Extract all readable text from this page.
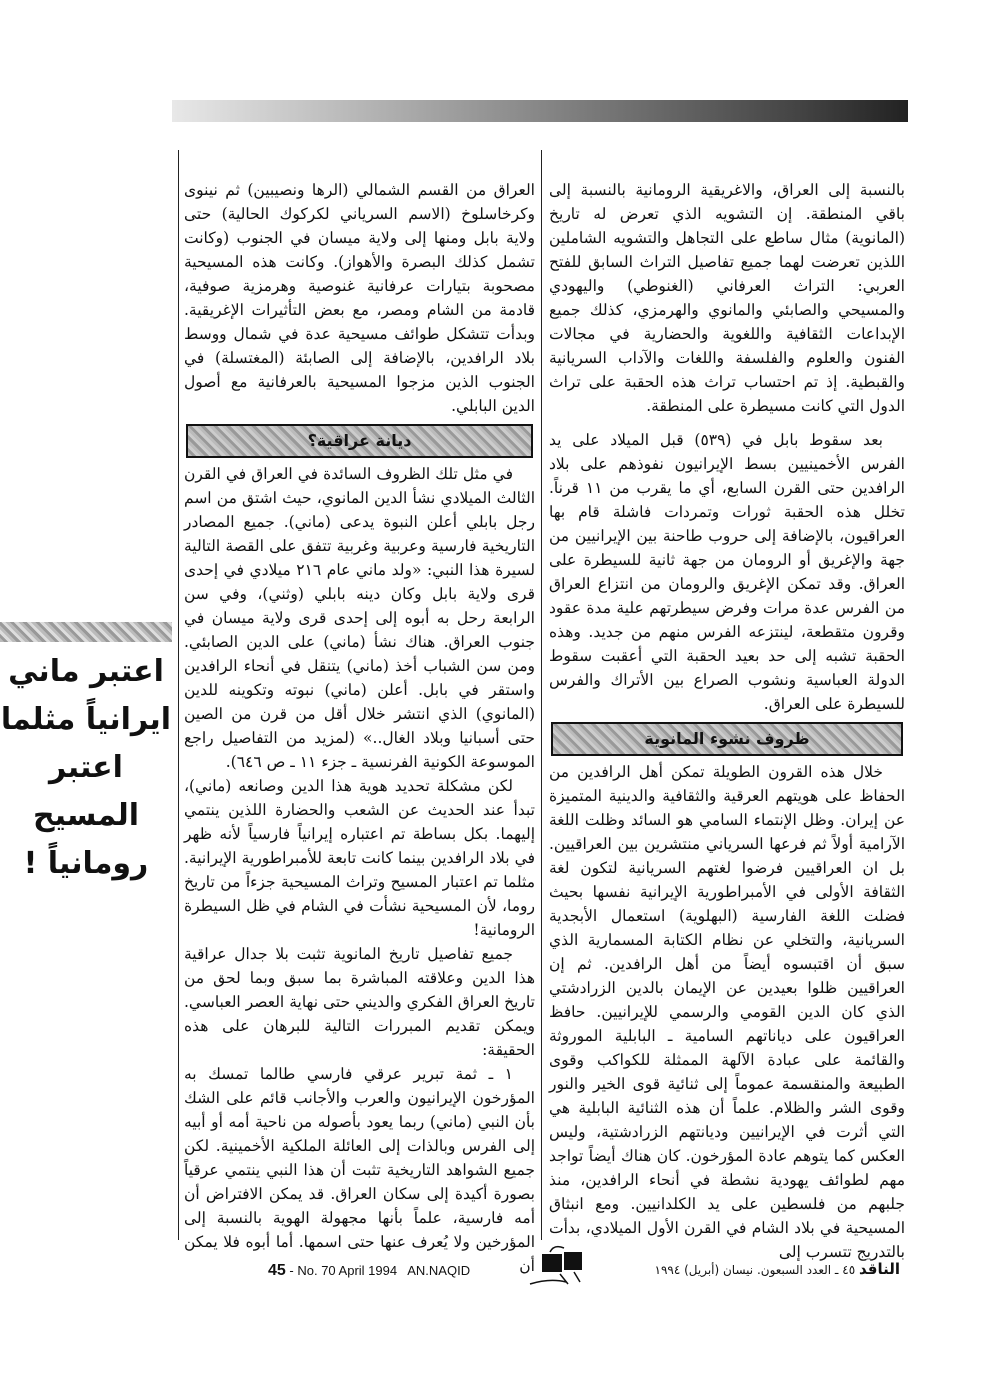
بالنسبة إلى العراق، والاغريقية الرومانية بالنسبة إلى باقي المنطقة. إن التشويه الذي تعرض له تاريخ (المانوية) مثال ساطع على التجاهل والتشويه الشاملين اللذين تعرضت لهما جميع تفاصيل التراث السابق للفتح العربي: التراث العرفاني (الغنوطي) واليهودي والمسيحي والصابئي والمانوي والهرمزي، كذلك جميع الإبداعات الثقافية واللغوية والحضارية في مجالات الفنون والعلوم والفلسفة واللغات والآداب السريانية والقبطية. إذ تم احتساب تراث هذه الحقبة على تراث الدول التي كانت مسيطرة على المنطقة.

بعد سقوط بابل في (٥٣٩) قبل الميلاد على يد الفرس الأخمينيين بسط الإيرانيون نفوذهم على بلاد الرافدين حتى القرن السابع، أي ما يقرب من ١١ قرناً. تخلل هذه الحقبة ثورات وتمردات فاشلة قام بها العراقيون، بالإضافة إلى حروب طاحنة بين الإيرانيين من جهة والإغريق أو الرومان من جهة ثانية للسيطرة على العراق. وقد تمكن الإغريق والرومان من انتزاع العراق من الفرس عدة مرات وفرض سيطرتهم علية مدة عقود وقرون متقطعة، لينتزعه الفرس منهم من جديد. وهذه الحقبة تشبه إلى حد بعيد الحقبة التي أعقبت سقوط الدولة العباسية ونشوب الصراع بين الأتراك والفرس للسيطرة على العراق.

ظروف نشوء المانوية

خلال هذه القرون الطويلة تمكن أهل الرافدين من الحفاظ على هويتهم العرقية والثقافية والدينية المتميزة عن إيران. وظل الإنتماء السامي هو السائد وظلت اللغة الآرامية أولاً ثم فرعها السرياني منتشرين بين العراقيين. بل ان العراقيين فرضوا لغتهم السريانية لتكون لغة الثقافة الأولى في الأمبراطورية الإيرانية نفسها بحيث فضلت اللغة الفارسية (البهلوية) استعمال الأبجدية السريانية، والتخلي عن نظام الكتابة المسمارية الذي سبق أن اقتبسوه أيضاً من أهل الرافدين. ثم إن العراقيين ظلوا بعيدين عن الإيمان بالدين الزرادشتي الذي كان الدين القومي والرسمي للإيرانيين. حافظ العراقيون على دياناتهم السامية ـ البابلية الموروثة والقائمة على عبادة الآلهة الممثلة للكواكب وقوى الطبيعة والمنقسمة عموماً إلى ثنائية قوى الخير والنور وقوى الشر والظلام. علماً أن هذه الثنائية البابلية هي التي أثرت في الإيرانيين وديانتهم الزرادشتية، وليس العكس كما يتوهم عادة المؤرخون. كان هناك أيضاً تواجد مهم لطوائف يهودية نشطة في أنحاء الرافدين، منذ جلبهم من فلسطين على يد الكلدانيين. ومع انبثاق المسيحية في بلاد الشام في القرن الأول الميلادي، بدأت بالتدريج تتسرب إلى

العراق من القسم الشمالي (الرها ونصيبين) ثم نينوى وكرخاسلوخ (الاسم السرياني لكركوك الحالية) حتى ولاية بابل ومنها إلى ولاية ميسان في الجنوب (وكانت تشمل كذلك البصرة والأهواز). وكانت هذه المسيحية مصحوبة بتيارات عرفانية غنوصية وهرمزية صوفية، قادمة من الشام ومصر، مع بعض التأثيرات الإغريقية. وبدأت تتشكل طوائف مسيحية عدة في شمال ووسط بلاد الرافدين، بالإضافة إلى الصابئة (المغتسلة) في الجنوب الذين مزجوا المسيحية بالعرفانية مع أصول الدين البابلي.

ديانة عراقية؟

في مثل تلك الظروف السائدة في العراق في القرن الثالث الميلادي نشأ الدين المانوي، حيث اشتق من اسم رجل بابلي أعلن النبوة يدعى (ماني). جميع المصادر التاريخية فارسية وعربية وغربية تتفق على القصة التالية لسيرة هذا النبي: «ولد ماني عام ٢١٦ ميلادي في إحدى قرى ولاية بابل وكان دينه بابلي (وثني)، وفي سن الرابعة رحل به أبوه إلى إحدى قرى ولاية ميسان في جنوب العراق. هناك نشأ (ماني) على الدين الصابئي. ومن سن الشباب أخذ (ماني) يتنقل في أنحاء الرافدين واستقر في بابل. أعلن (ماني) نبوته وتكوينه للدين (المانوي) الذي انتشر خلال أقل من قرن من الصين حتى أسبانيا وبلاد الغال..» (لمزيد من التفاصيل راجع الموسوعة الكونية الفرنسية ـ جزء ١١ ـ ص ٦٤٦).

لكن مشكلة تحديد هوية هذا الدين وصانعه (ماني)، تبدأ عند الحديث عن الشعب والحضارة اللذين ينتمي إليهما. بكل بساطة تم اعتباره إيرانياً فارسياً لأنه ظهر في بلاد الرافدين بينما كانت تابعة للأمبراطورية الإيرانية. مثلما تم اعتبار المسيح وتراث المسيحية جزءاً من تاريخ روما، لأن المسيحية نشأت في الشام في ظل السيطرة الرومانية!

جميع تفاصيل تاريخ المانوية تثبت بلا جدال عراقية هذا الدين وعلاقته المباشرة بما سبق وبما لحق من تاريخ العراق الفكري والديني حتى نهاية العصر العباسي. ويمكن تقديم المبررات التالية للبرهان على هذه الحقيقة:

١ ـ ثمة تبرير عرقي فارسي طالما تمسك به المؤرخون الإيرانيون والعرب والأجانب قائم على الشك بأن النبي (ماني) ربما يعود بأصوله من ناحية أمه أو أبيه إلى الفرس وبالذات إلى العائلة الملكية الأخمينية. لكن جميع الشواهد التاريخية تثبت أن هذا النبي ينتمي عرقياً بصورة أكيدة إلى سكان العراق. قد يمكن الافتراض أن أمه فارسية، علماً بأنها مجهولة الهوية بالنسبة إلى المؤرخين ولا يُعرف عنها حتى اسمها. أما أبوه فلا يمكن أن

اعتبر ماني
ايرانياً مثلما
اعتبر المسيح
رومانياً !
45 - No. 70 April 1994 AN.NAQID	الناقد ٤٥ ـ العدد السبعون. نيسان (أبريل) ١٩٩٤
